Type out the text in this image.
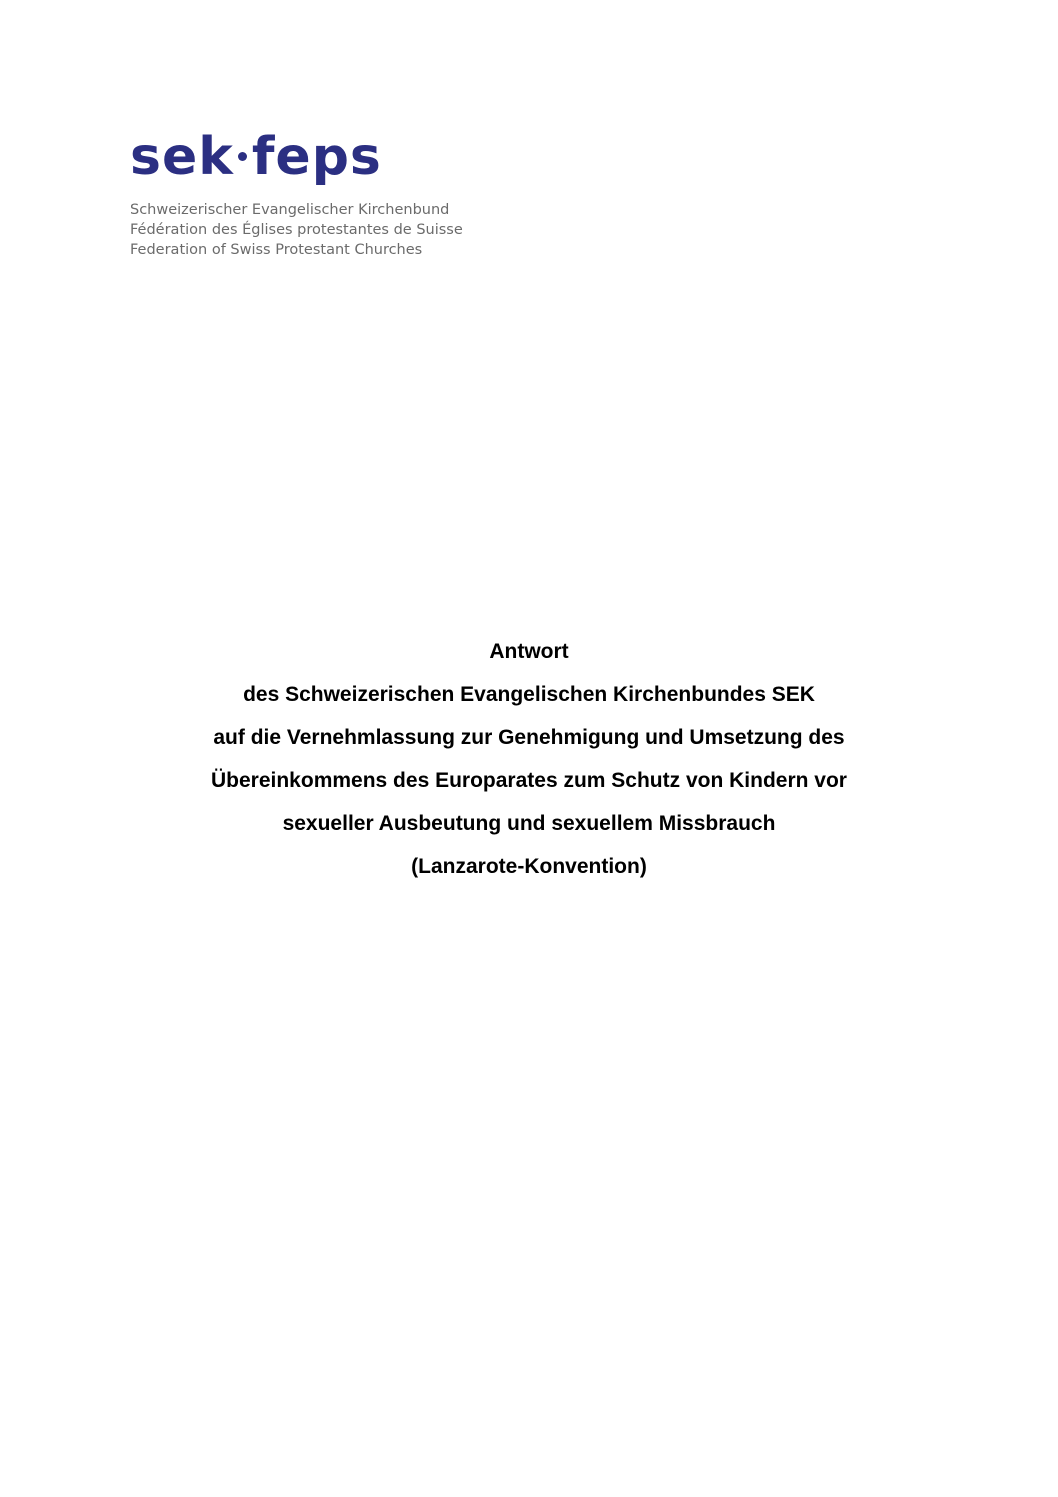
sek feps
Schweizerischer Evangelischer Kirchenbund
Fédération des Églises protestantes de Suisse
Federation of Swiss Protestant Churches
Antwort
des Schweizerischen Evangelischen Kirchenbundes SEK
auf die Vernehmlassung zur Genehmigung und Umsetzung des
Übereinkommens des Europarates zum Schutz von Kindern vor
sexueller Ausbeutung und sexuellem Missbrauch
(Lanzarote-Konvention)
